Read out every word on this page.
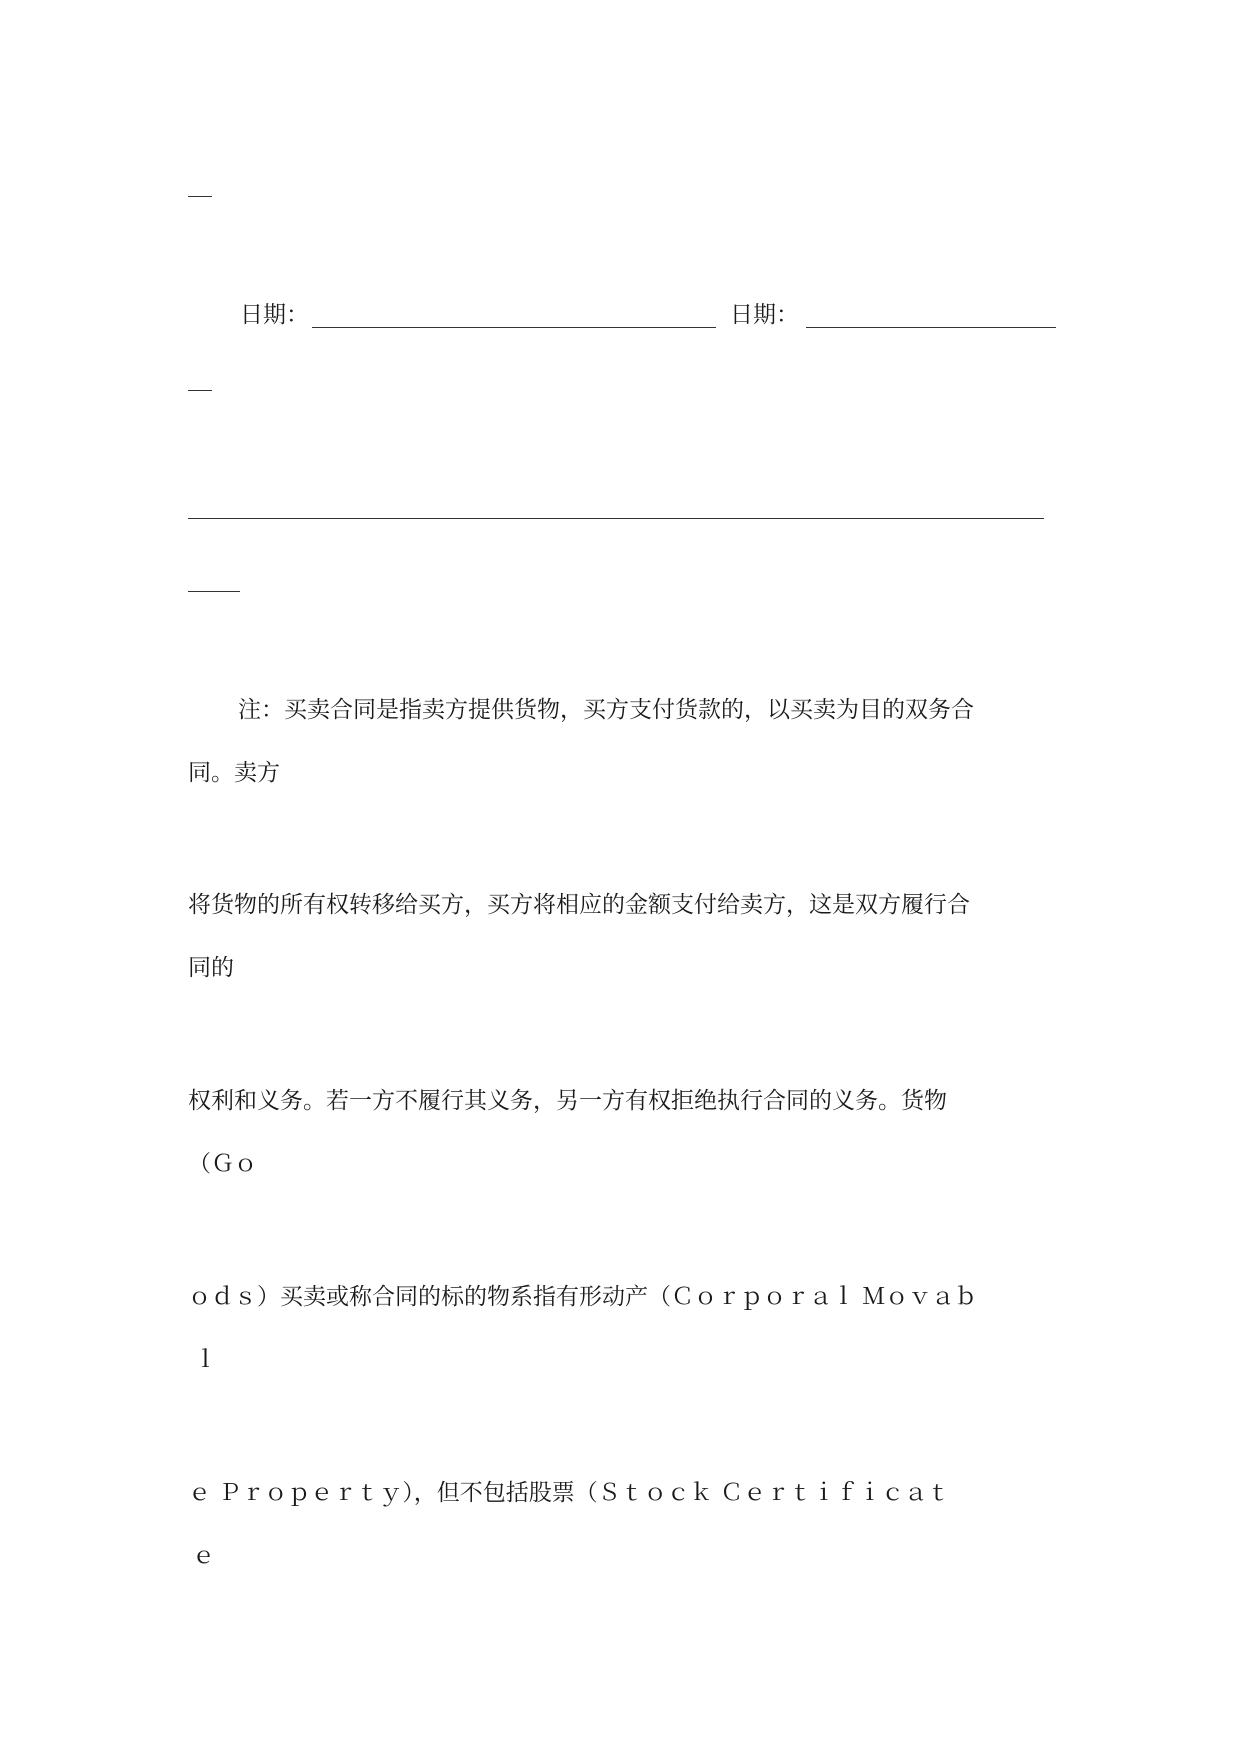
日期：	日期：
注：买卖合同是指卖方提供货物，买方支付货款的，以买卖为目的双务合
同。卖方
将货物的所有权转移给买方，买方将相应的金额支付给卖方，这是双方履行合
同的
权利和义务。若一方不履行其义务，另一方有权拒绝执行合同的义务。货物
（Ｇｏ
ｏｄｓ）买卖或称合同的标的物系指有形动产（Ｃｏｒｐｏｒａｌ Ｍｏｖａｂ
ｌ
ｅ Ｐｒｏｐｅｒｔｙ），但不包括股票（Ｓｔｏｃｋ Ｃｅｒｔｉｆｉｃａｔ
ｅ
